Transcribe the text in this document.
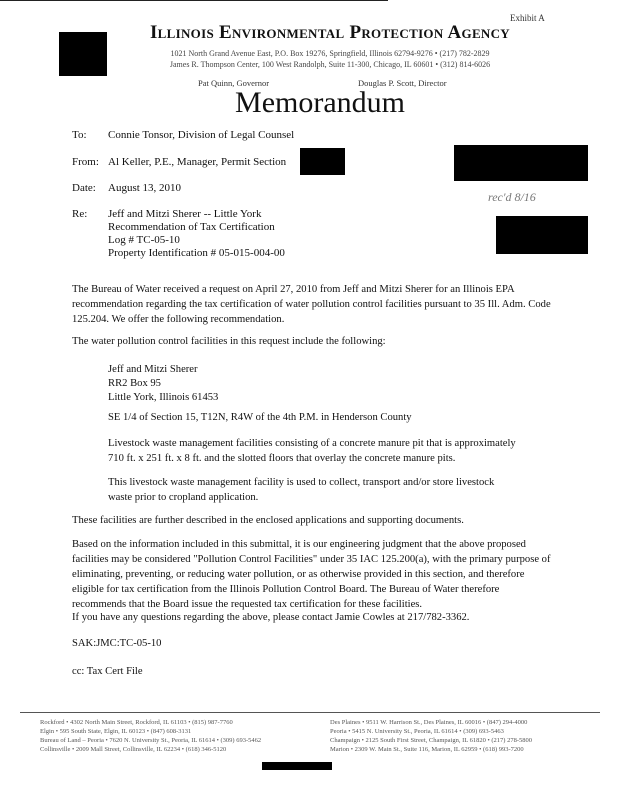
Exhibit A
Illinois Environmental Protection Agency
1021 North Grand Avenue East, P.O. Box 19276, Springfield, Illinois 62794-9276 • (217) 782-2829
James R. Thompson Center, 100 West Randolph, Suite 11-300, Chicago, IL 60601 • (312) 814-6026
Pat Quinn, Governor	Douglas P. Scott, Director
Memorandum
To: Connie Tonsor, Division of Legal Counsel
From: Al Keller, P.E., Manager, Permit Section
Date: August 13, 2010
rec'd 8/16
Re: Jeff and Mitzi Sherer -- Little York
Recommendation of Tax Certification
Log # TC-05-10
Property Identification # 05-015-004-00
The Bureau of Water received a request on April 27, 2010 from Jeff and Mitzi Sherer for an Illinois EPA recommendation regarding the tax certification of water pollution control facilities pursuant to 35 Ill. Adm. Code 125.204. We offer the following recommendation.
The water pollution control facilities in this request include the following:
Jeff and Mitzi Sherer
RR2 Box 95
Little York, Illinois 61453
SE 1/4 of Section 15, T12N, R4W of the 4th P.M. in Henderson County
Livestock waste management facilities consisting of a concrete manure pit that is approximately 710 ft. x 251 ft. x 8 ft. and the slotted floors that overlay the concrete manure pits.
This livestock waste management facility is used to collect, transport and/or store livestock waste prior to cropland application.
These facilities are further described in the enclosed applications and supporting documents.
Based on the information included in this submittal, it is our engineering judgment that the above proposed facilities may be considered "Pollution Control Facilities" under 35 IAC 125.200(a), with the primary purpose of eliminating, preventing, or reducing water pollution, or as otherwise provided in this section, and therefore eligible for tax certification from the Illinois Pollution Control Board. The Bureau of Water therefore recommends that the Board issue the requested tax certification for these facilities.
If you have any questions regarding the above, please contact Jamie Cowles at 217/782-3362.
SAK:JMC:TC-05-10
cc: Tax Cert File
Rockford • 4302 North Main Street, Rockford, IL 61103 • (815) 987-7760
Elgin • 595 South State, Elgin, IL 60123 • (847) 608-3131
Bureau of Land – Peoria • 7620 N. University St., Peoria, IL 61614 • (309) 693-5462
Collinsville • 2009 Mall Street, Collinsville, IL 62234 • (618) 346-5120
Des Plaines • 9511 W. Harrison St., Des Plaines, IL 60016 • (847) 294-4000
Peoria • 5415 N. University St., Peoria, IL 61614 • (309) 693-5463
Champaign • 2125 South First Street, Champaign, IL 61820 • (217) 278-5800
Marion • 2309 W. Main St., Suite 116, Marion, IL 62959 • (618) 993-7200
